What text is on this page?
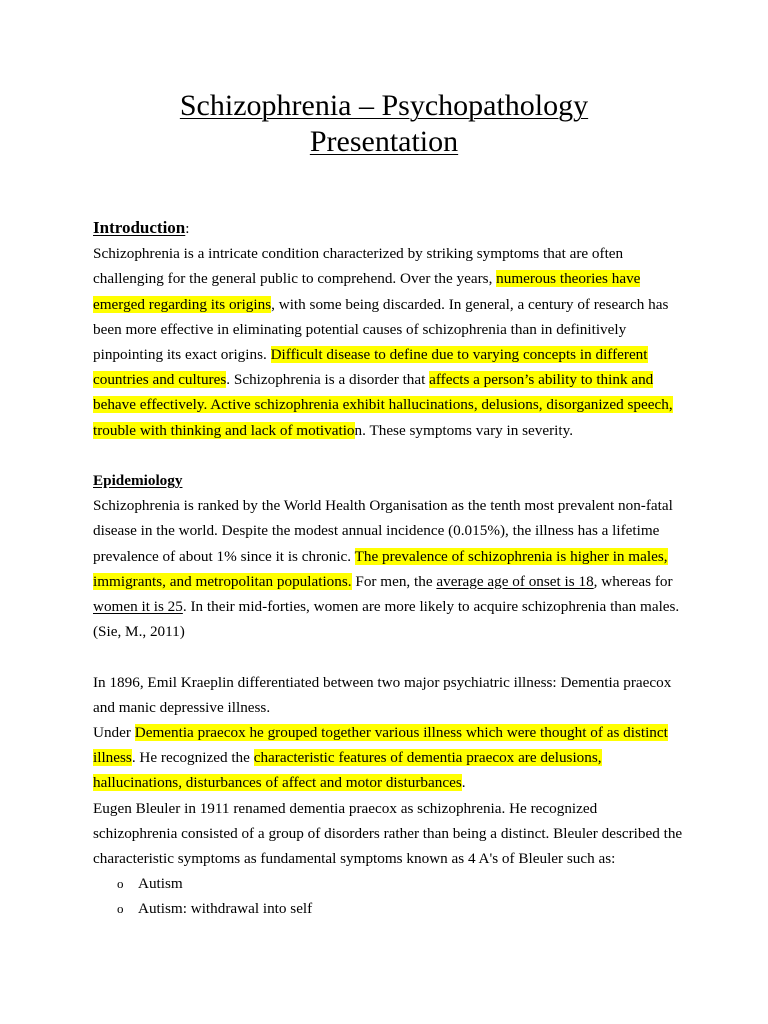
Schizophrenia – Psychopathology
Presentation

Introduction:

Schizophrenia is a intricate condition characterized by striking symptoms that are often challenging for the general public to comprehend. Over the years, numerous theories have emerged regarding its origins, with some being discarded. In general, a century of research has been more effective in eliminating potential causes of schizophrenia than in definitively pinpointing its exact origins. Difficult disease to define due to varying concepts in different countries and cultures. Schizophrenia is a disorder that affects a person’s ability to think and behave effectively. Active schizophrenia exhibit hallucinations, delusions, disorganized speech, trouble with thinking and lack of motivation. These symptoms vary in severity.

Epidemiology

Schizophrenia is ranked by the World Health Organisation as the tenth most prevalent non-fatal disease in the world. Despite the modest annual incidence (0.015%), the illness has a lifetime prevalence of about 1% since it is chronic. The prevalence of schizophrenia is higher in males, immigrants, and metropolitan populations. For men, the average age of onset is 18, whereas for women it is 25. In their mid-forties, women are more likely to acquire schizophrenia than males. (Sie, M., 2011)

In 1896, Emil Kraeplin differentiated between two major psychiatric illness: Dementia praecox and manic depressive illness.

Under Dementia praecox he grouped together various illness which were thought of as distinct illness. He recognized the characteristic features of dementia praecox are delusions, hallucinations, disturbances of affect and motor disturbances.

Eugen Bleuler in 1911 renamed dementia praecox as schizophrenia. He recognized schizophrenia consisted of a group of disorders rather than being a distinct. Bleuler described the characteristic symptoms as fundamental symptoms known as 4 A's of Bleuler such as:

o Autism
o Autism: withdrawal into self
